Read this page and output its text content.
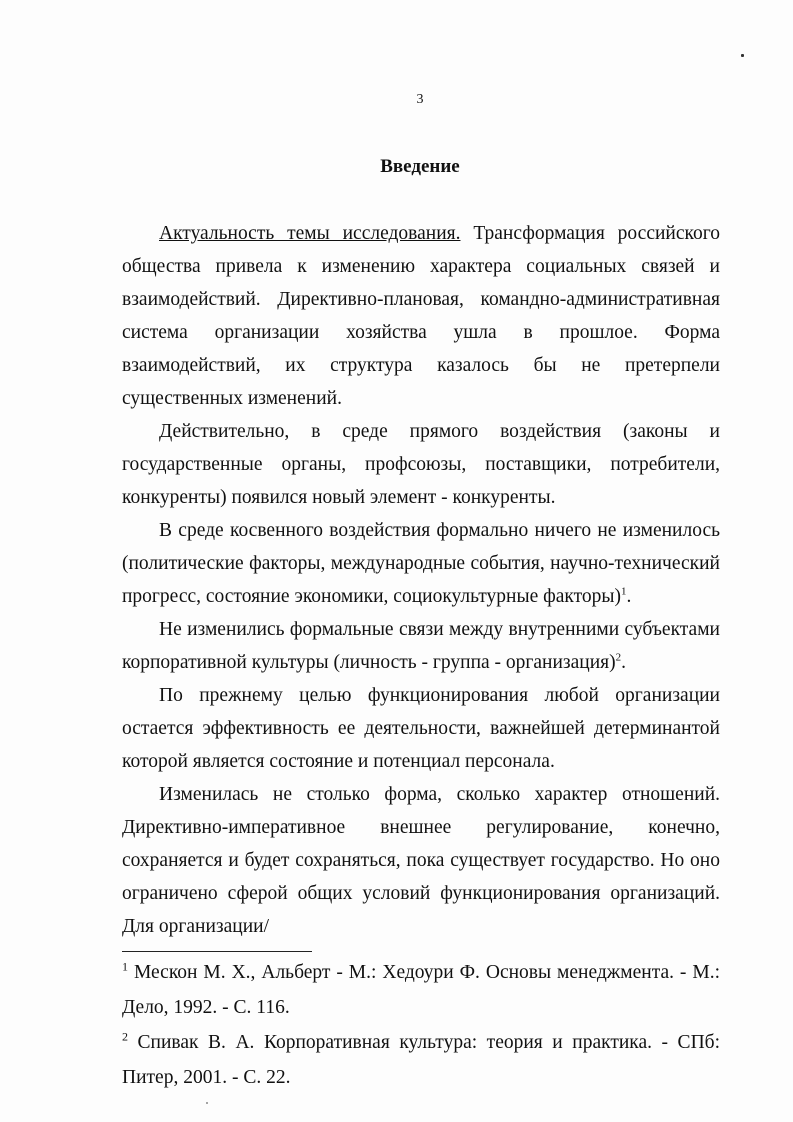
3
Введение

Актуальность темы исследования. Трансформация российского общества привела к изменению характера социальных связей и взаимодействий. Директивно-плановая, командно-административная система организации хозяйства ушла в прошлое. Форма взаимодействий, их структура казалось бы не претерпели существенных изменений.

Действительно, в среде прямого воздействия (законы и государственные органы, профсоюзы, поставщики, потребители, конкуренты) появился новый элемент - конкуренты.

В среде косвенного воздействия формально ничего не изменилось (политические факторы, международные события, научно-технический прогресс, состояние экономики, социокультурные факторы)$^1$.

Не изменились формальные связи между внутренними субъектами корпоративной культуры (личность - группа - организация)$^2$.

По прежнему целью функционирования любой организации остается эффективность ее деятельности, важнейшей детерминантой которой является состояние и потенциал персонала.

Изменилась не столько форма, сколько характер отношений. Директивно-императивное внешнее регулирование, конечно, сохраняется и будет сохраняться, пока существует государство. Но оно ограничено сферой общих условий функционирования организаций. Для организации/

$^1$ Мескон М. Х., Альберт - М.: Хедоури Ф. Основы менеджмента. - М.: Дело, 1992. - С. 116.

$^2$ Спивак В. А. Корпоративная культура: теория и практика. - СПб: Питер, 2001. - С. 22.
